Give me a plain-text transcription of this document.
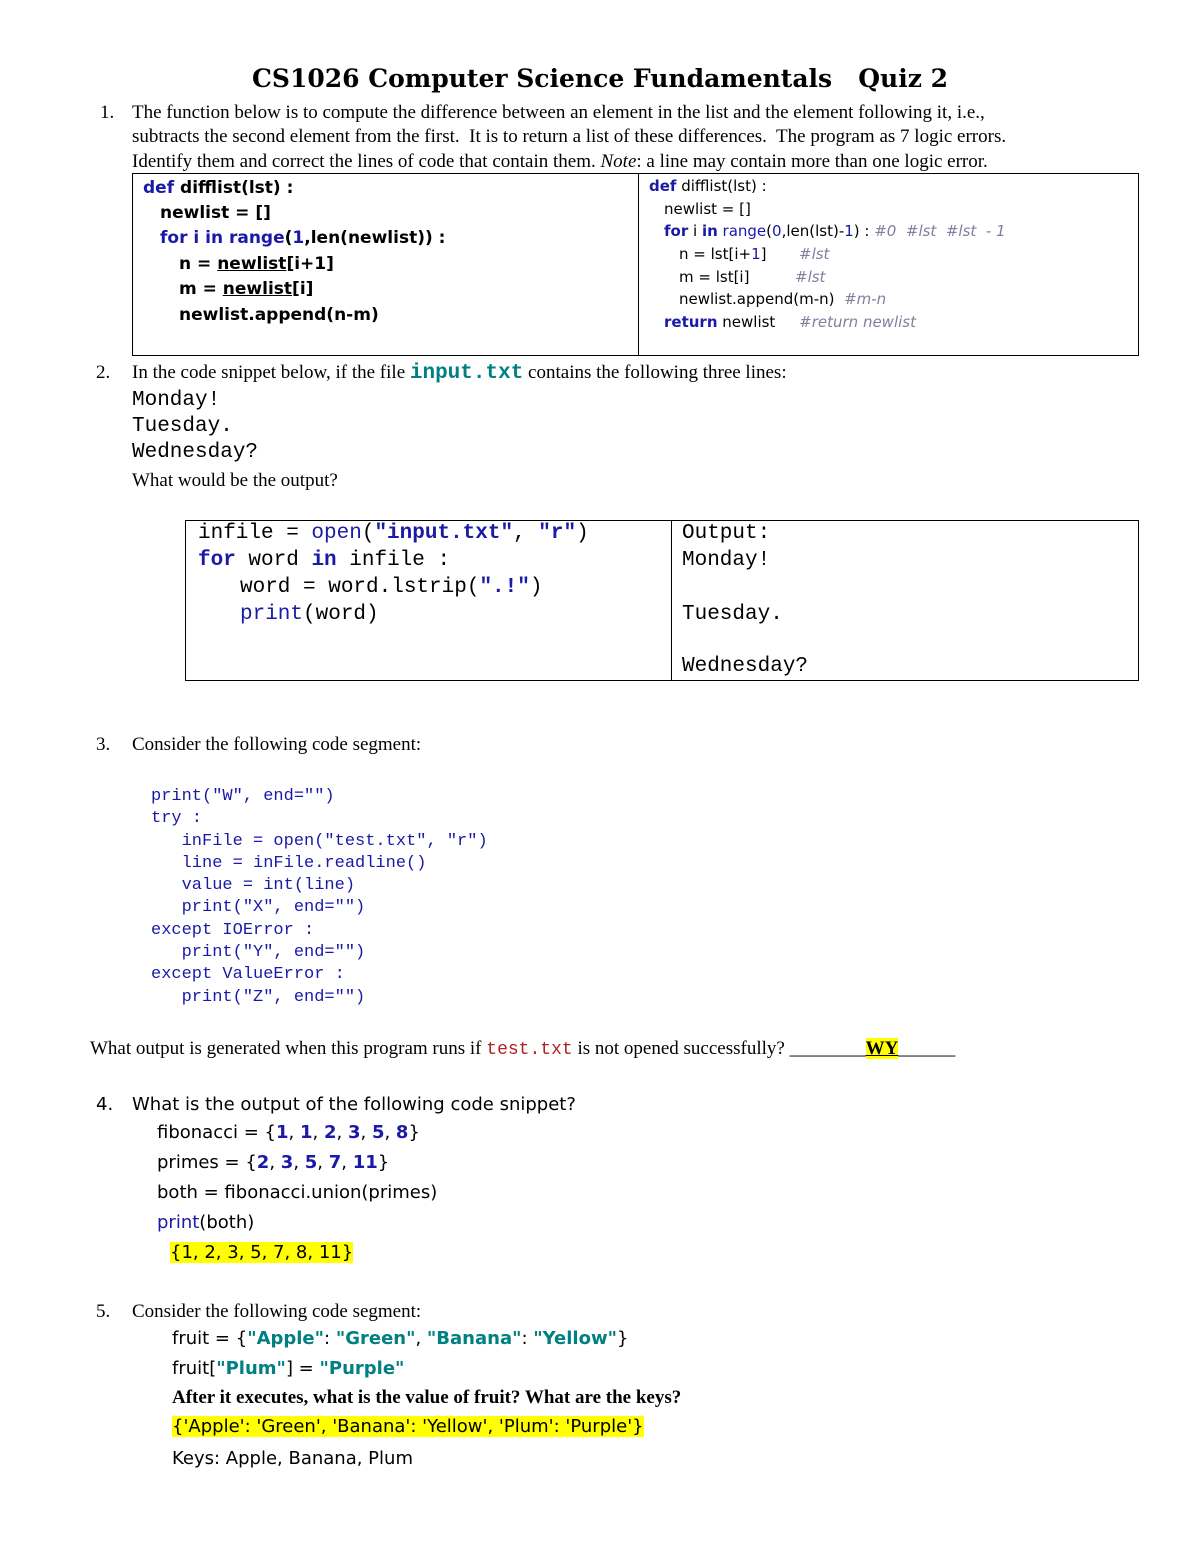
CS1026 Computer Science Fundamentals   Quiz 2
1. The function below is to compute the difference between an element in the list and the element following it, i.e.,
subtracts the second element from the first.  It is to return a list of these differences.  The program as 7 logic errors.
Identify them and correct the lines of code that contain them. Note: a line may contain more than one logic error.
def difflist(lst) :
newlist = []
for i in range(1,len(newlist)) :
n = newlist[i+1]
m = newlist[i]
newlist.append(n-m)

def difflist(lst) :
newlist = []
for i in range(0,len(lst)-1) : #0  #lst  #lst  - 1
n = lst[i+1] #lst
m = lst[i]	#lst
newlist.append(m-n) #m-n
return newlist #return newlist
2. In the code snippet below, if the file input.txt contains the following three lines:
Monday!
Tuesday.
Wednesday?
What would be the output?
infile = open("input.txt", "r")
for word in infile :
word = word.lstrip(".!")
print(word)

Output:
Monday!
Tuesday.
Wednesday?
3. Consider the following code segment:
print("W", end="")
try :
inFile = open("test.txt", "r")
line = inFile.readline()
value = int(line)
print("X", end="")
except IOError :
print("Y", end="")
except ValueError :
print("Z", end="")
What output is generated when this program runs if test.txt is not opened successfully? ________WY______
4. What is the output of the following code snippet?
fibonacci = {1, 1, 2, 3, 5, 8}
primes = {2, 3, 5, 7, 11}
both = fibonacci.union(primes)
print(both)
{1, 2, 3, 5, 7, 8, 11}
5. Consider the following code segment:
fruit = {"Apple": "Green", "Banana": "Yellow"}
fruit["Plum"] = "Purple"
After it executes, what is the value of fruit? What are the keys?
{'Apple': 'Green', 'Banana': 'Yellow', 'Plum': 'Purple'}
Keys: Apple, Banana, Plum
